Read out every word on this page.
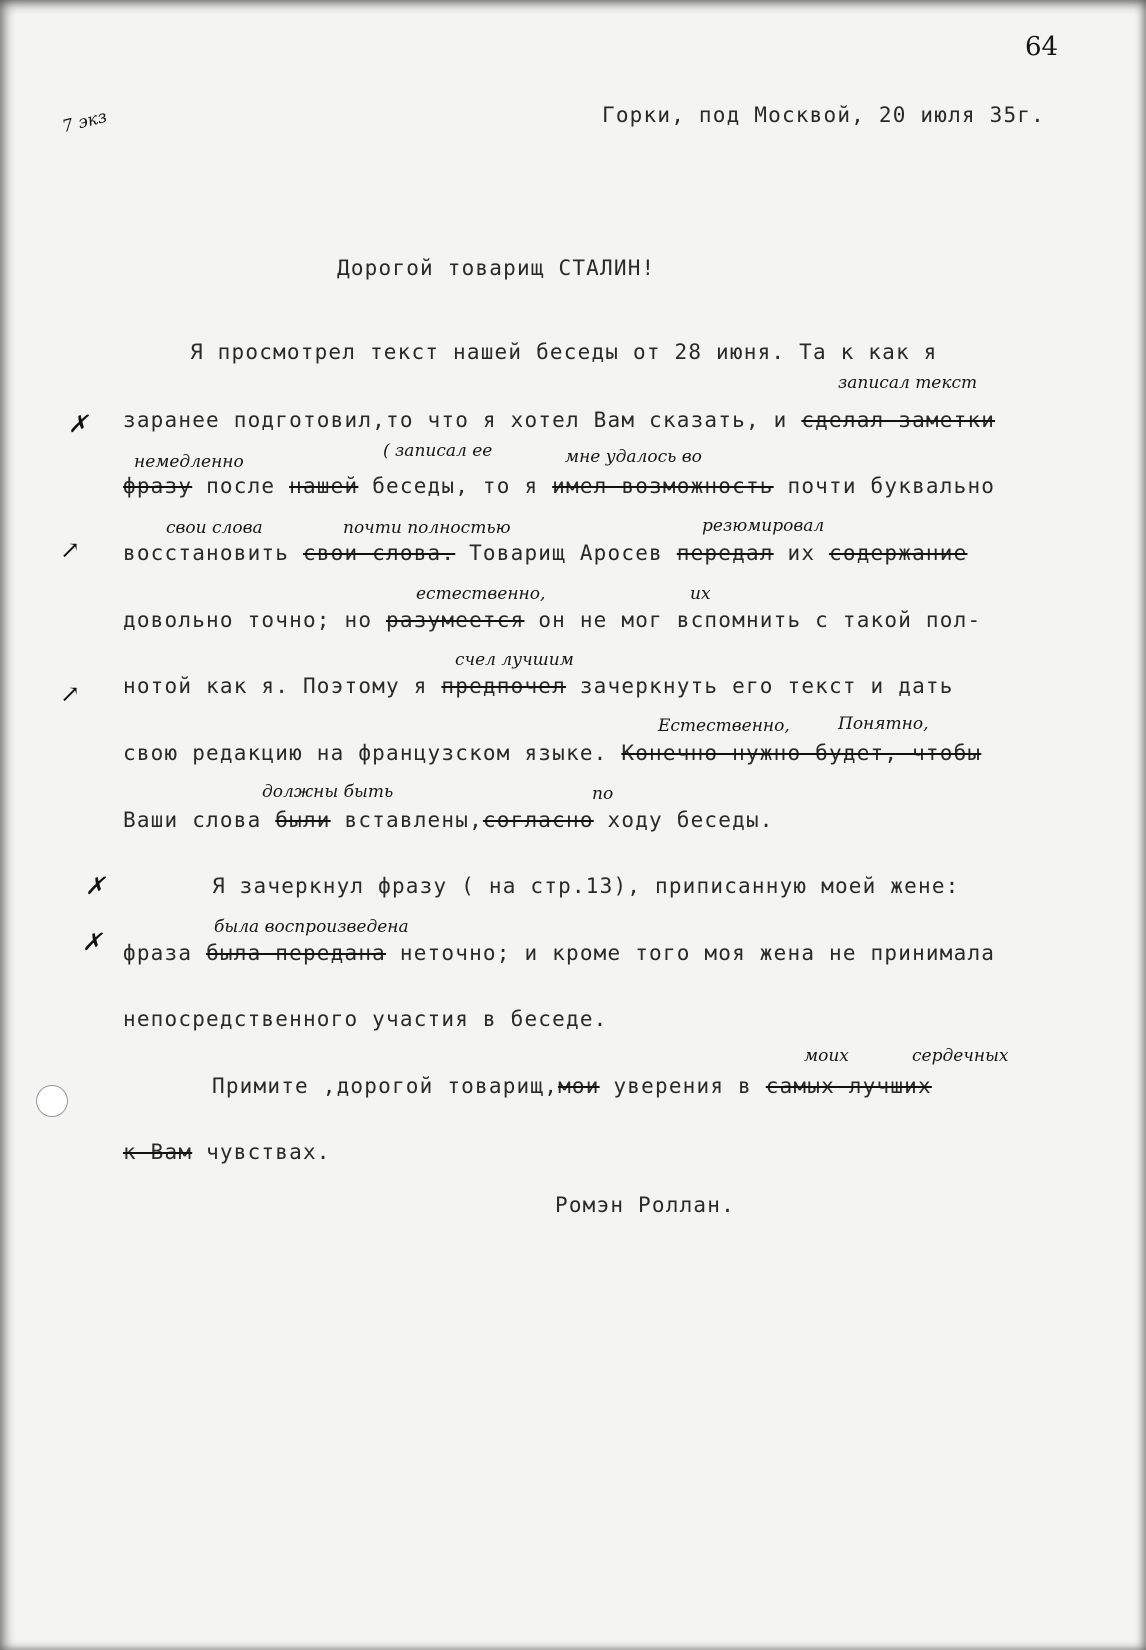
64
7 экз	Горки, под Москвой, 20 июля 35г.
Дорогой товарищ СТАЛИН!
Я просмотрел текст нашей беседы от 28 июня. Та к как я
записал текст
✗ заранее подготовил,то что я хотел Вам сказать, и сделал заметки
немедленно
( записал ее	мне удалось во
фразу после нашей беседы, то я имел возможность почти буквально
свои слова	почти полностью	резюмировал
↗ восстановить свои слова. Товарищ Аросев передал их содержание
естественно,	их
довольно точно; но разумеется он не мог вспомнить с такой пол-
счел лучшим
↗ нотой как я. Поэтому я предпочел зачеркнуть его текст и дать
Естественно,	Понятно,
свою редакцию на французском языке. Конечно нужно будет, чтобы
должны быть	по
Ваши слова были вставлены,согласно ходу беседы.
✗	Я зачеркнул фразу ( на стр.13), приписанную моей жене:
была воспроизведена
✗ фраза была передана неточно; и кроме того моя жена не принимала
непосредственного участия в беседе.
моих	сердечных
Примите ,дорогой товарищ,мои уверения в самых лучших
к Вам чувствах.
Ромэн Роллан.
